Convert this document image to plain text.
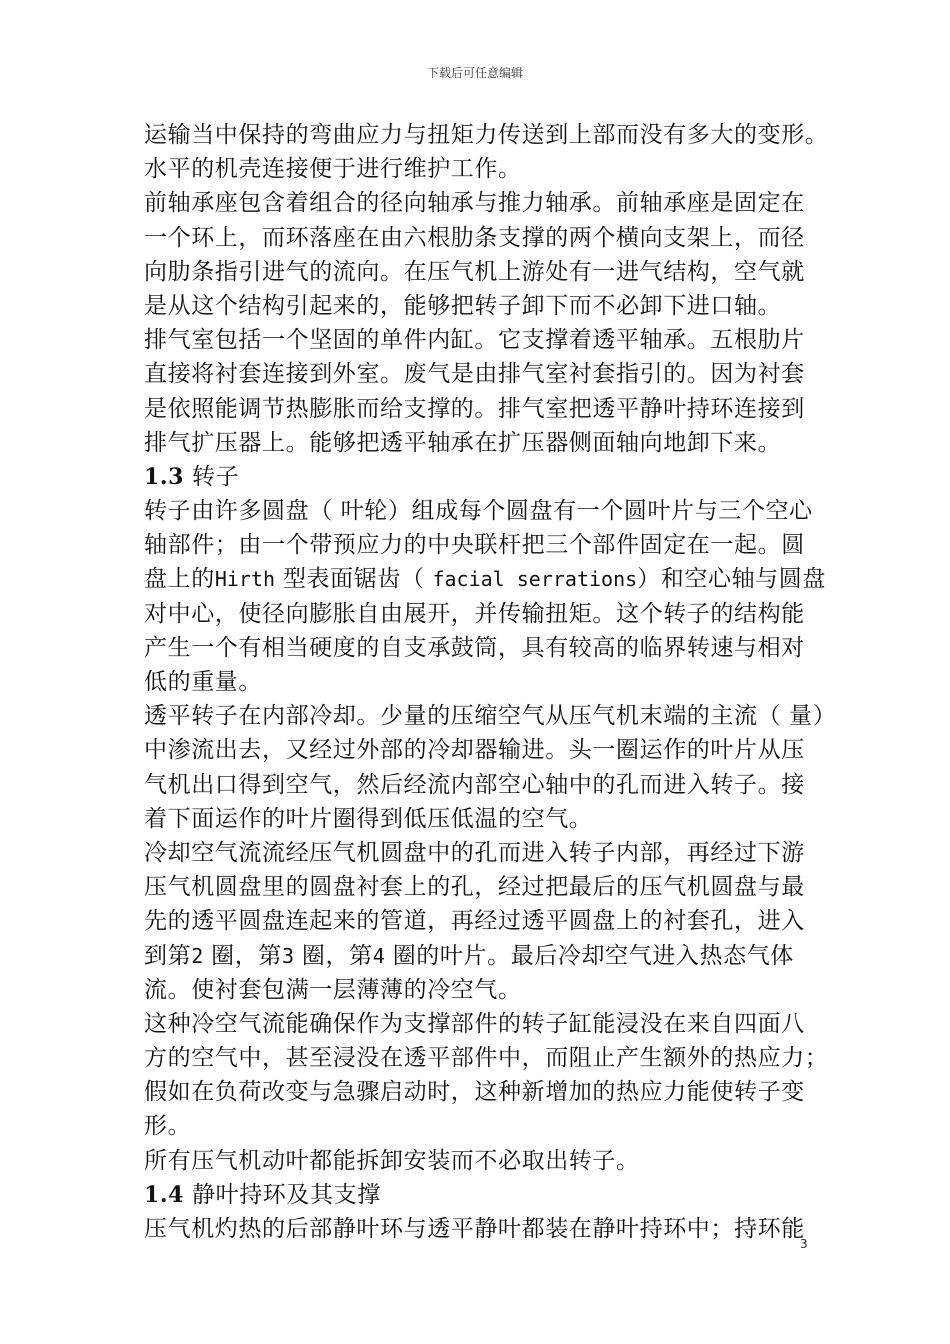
下载后可任意编辑
运输当中保持的弯曲应力与扭矩力传送到上部而没有多大的变形。
水平的机壳连接便于进行维护工作。
前轴承座包含着组合的径向轴承与推力轴承。前轴承座是固定在
一个环上，而环落座在由六根肋条支撑的两个横向支架上，而径
向肋条指引进气的流向。在压气机上游处有一进气结构，空气就
是从这个结构引起来的，能够把转子卸下而不必卸下进口轴。
排气室包括一个坚固的单件内缸。它支撑着透平轴承。五根肋片
直接将衬套连接到外室。废气是由排气室衬套指引的。因为衬套
是依照能调节热膨胀而给支撑的。排气室把透平静叶持环连接到
排气扩压器上。能够把透平轴承在扩压器侧面轴向地卸下来。
1.3 转子
转子由许多圆盘（ 叶轮）组成每个圆盘有一个圆叶片与三个空心
轴部件；由一个带预应力的中央联杆把三个部件固定在一起。圆
盘上的Hirth 型表面锯齿（ facial serrations）和空心轴与圆盘
对中心，使径向膨胀自由展开，并传输扭矩。这个转子的结构能
产生一个有相当硬度的自支承鼓筒，具有较高的临界转速与相对
低的重量。
透平转子在内部冷却。少量的压缩空气从压气机末端的主流（ 量）
中渗流出去，又经过外部的冷却器输进。头一圈运作的叶片从压
气机出口得到空气，然后经流内部空心轴中的孔而进入转子。接
着下面运作的叶片圈得到低压低温的空气。
冷却空气流流经压气机圆盘中的孔而进入转子内部，再经过下游
压气机圆盘里的圆盘衬套上的孔，经过把最后的压气机圆盘与最
先的透平圆盘连起来的管道，再经过透平圆盘上的衬套孔，进入
到第2 圈，第3 圈，第4 圈的叶片。最后冷却空气进入热态气体
流。使衬套包满一层薄薄的冷空气。
这种冷空气流能确保作为支撑部件的转子缸能浸没在来自四面八
方的空气中，甚至浸没在透平部件中，而阻止产生额外的热应力；
假如在负荷改变与急骤启动时，这种新增加的热应力能使转子变
形。
所有压气机动叶都能拆卸安装而不必取出转子。
1.4 静叶持环及其支撑
压气机灼热的后部静叶环与透平静叶都装在静叶持环中；持环能
3
